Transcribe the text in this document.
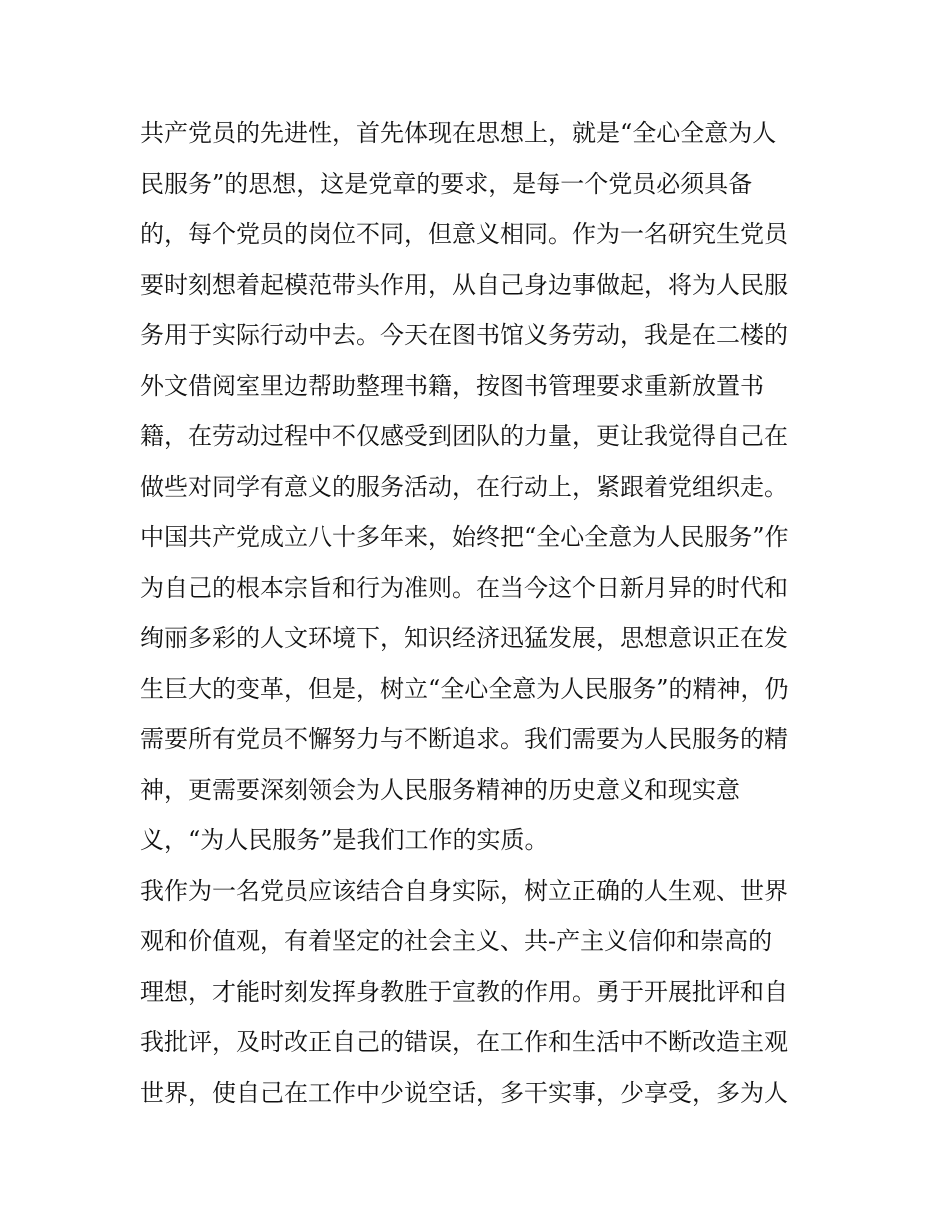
共产党员的先进性，首先体现在思想上，就是“全心全意为人
民服务”的思想，这是党章的要求，是每一个党员必须具备
的，每个党员的岗位不同，但意义相同。作为一名研究生党员
要时刻想着起模范带头作用，从自己身边事做起，将为人民服
务用于实际行动中去。今天在图书馆义务劳动，我是在二楼的
外文借阅室里边帮助整理书籍，按图书管理要求重新放置书
籍，在劳动过程中不仅感受到团队的力量，更让我觉得自己在
做些对同学有意义的服务活动，在行动上，紧跟着党组织走。
中国共产党成立八十多年来，始终把“全心全意为人民服务”作
为自己的根本宗旨和行为准则。在当今这个日新月异的时代和
绚丽多彩的人文环境下，知识经济迅猛发展，思想意识正在发
生巨大的变革，但是，树立“全心全意为人民服务”的精神，仍
需要所有党员不懈努力与不断追求。我们需要为人民服务的精
神，更需要深刻领会为人民服务精神的历史意义和现实意
义，“为人民服务”是我们工作的实质。
我作为一名党员应该结合自身实际，树立正确的人生观、世界
观和价值观，有着坚定的社会主义、共-产主义信仰和崇高的
理想，才能时刻发挥身教胜于宣教的作用。勇于开展批评和自
我批评，及时改正自己的错误，在工作和生活中不断改造主观
世界，使自己在工作中少说空话，多干实事，少享受，多为人
